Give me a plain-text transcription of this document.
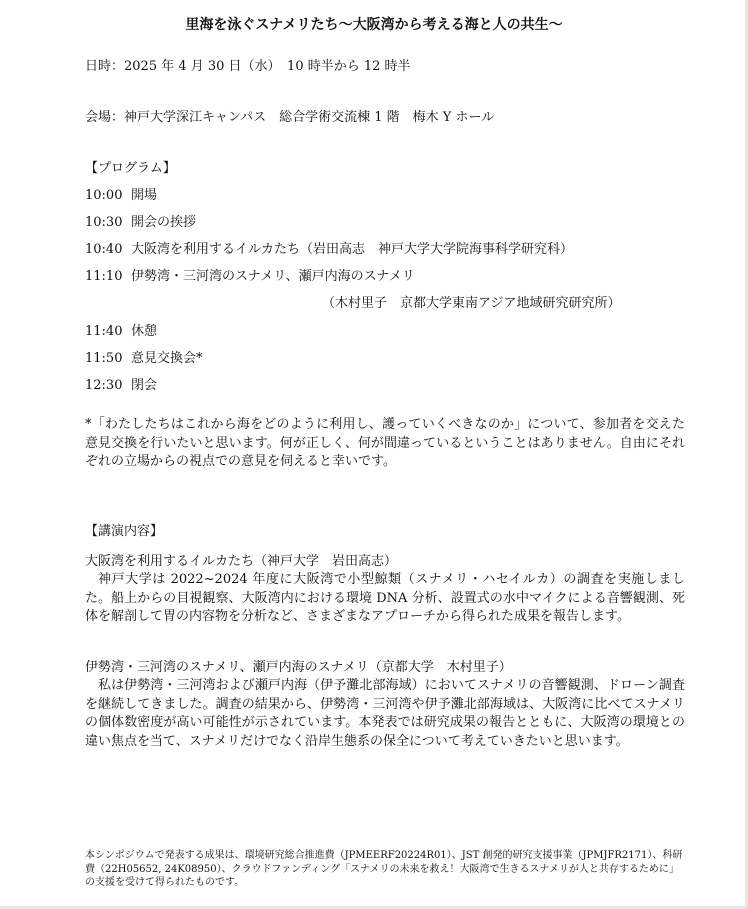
里海を泳ぐスナメリたち〜大阪湾から考える海と人の共生〜
日時：2025 年 4 月 30 日（水）　10 時半から 12 時半
会場：神戸大学深江キャンパス　総合学術交流棟 1 階　梅木 Y ホール
【プログラム】
10:00 開場
10:30 開会の挨拶
10:40 大阪湾を利用するイルカたち（岩田高志　神戸大学大学院海事科学研究科）
11:10 伊勢湾・三河湾のスナメリ、瀬戸内海のスナメリ
（木村里子　京都大学東南アジア地域研究研究所）
11:40 休憩
11:50 意見交換会*
12:30 閉会
*「わたしたちはこれから海をどのように利用し、護っていくべきなのか」について、参加者を交えた意見交換を行いたいと思います。何が正しく、何が間違っているということはありません。自由にそれぞれの立場からの視点での意見を伺えると幸いです。
【講演内容】
大阪湾を利用するイルカたち（神戸大学　岩田高志）
神戸大学は 2022~2024 年度に大阪湾で小型鯨類（スナメリ・ハセイルカ）の調査を実施しました。船上からの目視観察、大阪湾内における環境 DNA 分析、設置式の水中マイクによる音響観測、死体を解剖して胃の内容物を分析など、さまざまなアプローチから得られた成果を報告します。
伊勢湾・三河湾のスナメリ、瀬戸内海のスナメリ（京都大学　木村里子）
私は伊勢湾・三河湾および瀬戸内海（伊予灘北部海域）においてスナメリの音響観測、ドローン調査を継続してきました。調査の結果から、伊勢湾・三河湾や伊予灘北部海域は、大阪湾に比べてスナメリの個体数密度が高い可能性が示されています。本発表では研究成果の報告とともに、大阪湾の環境との違い焦点を当て、スナメリだけでなく沿岸生態系の保全について考えていきたいと思います。
本シンポジウムで発表する成果は、環境研究総合推進費（JPMEERF20224R01）、JST 創発的研究支援事業（JPMJFR2171）、科研費（22H05652, 24K08950）、クラウドファンディング「スナメリの未来を救え！大阪湾で生きるスナメリが人と共存するために」の支援を受けて得られたものです。
